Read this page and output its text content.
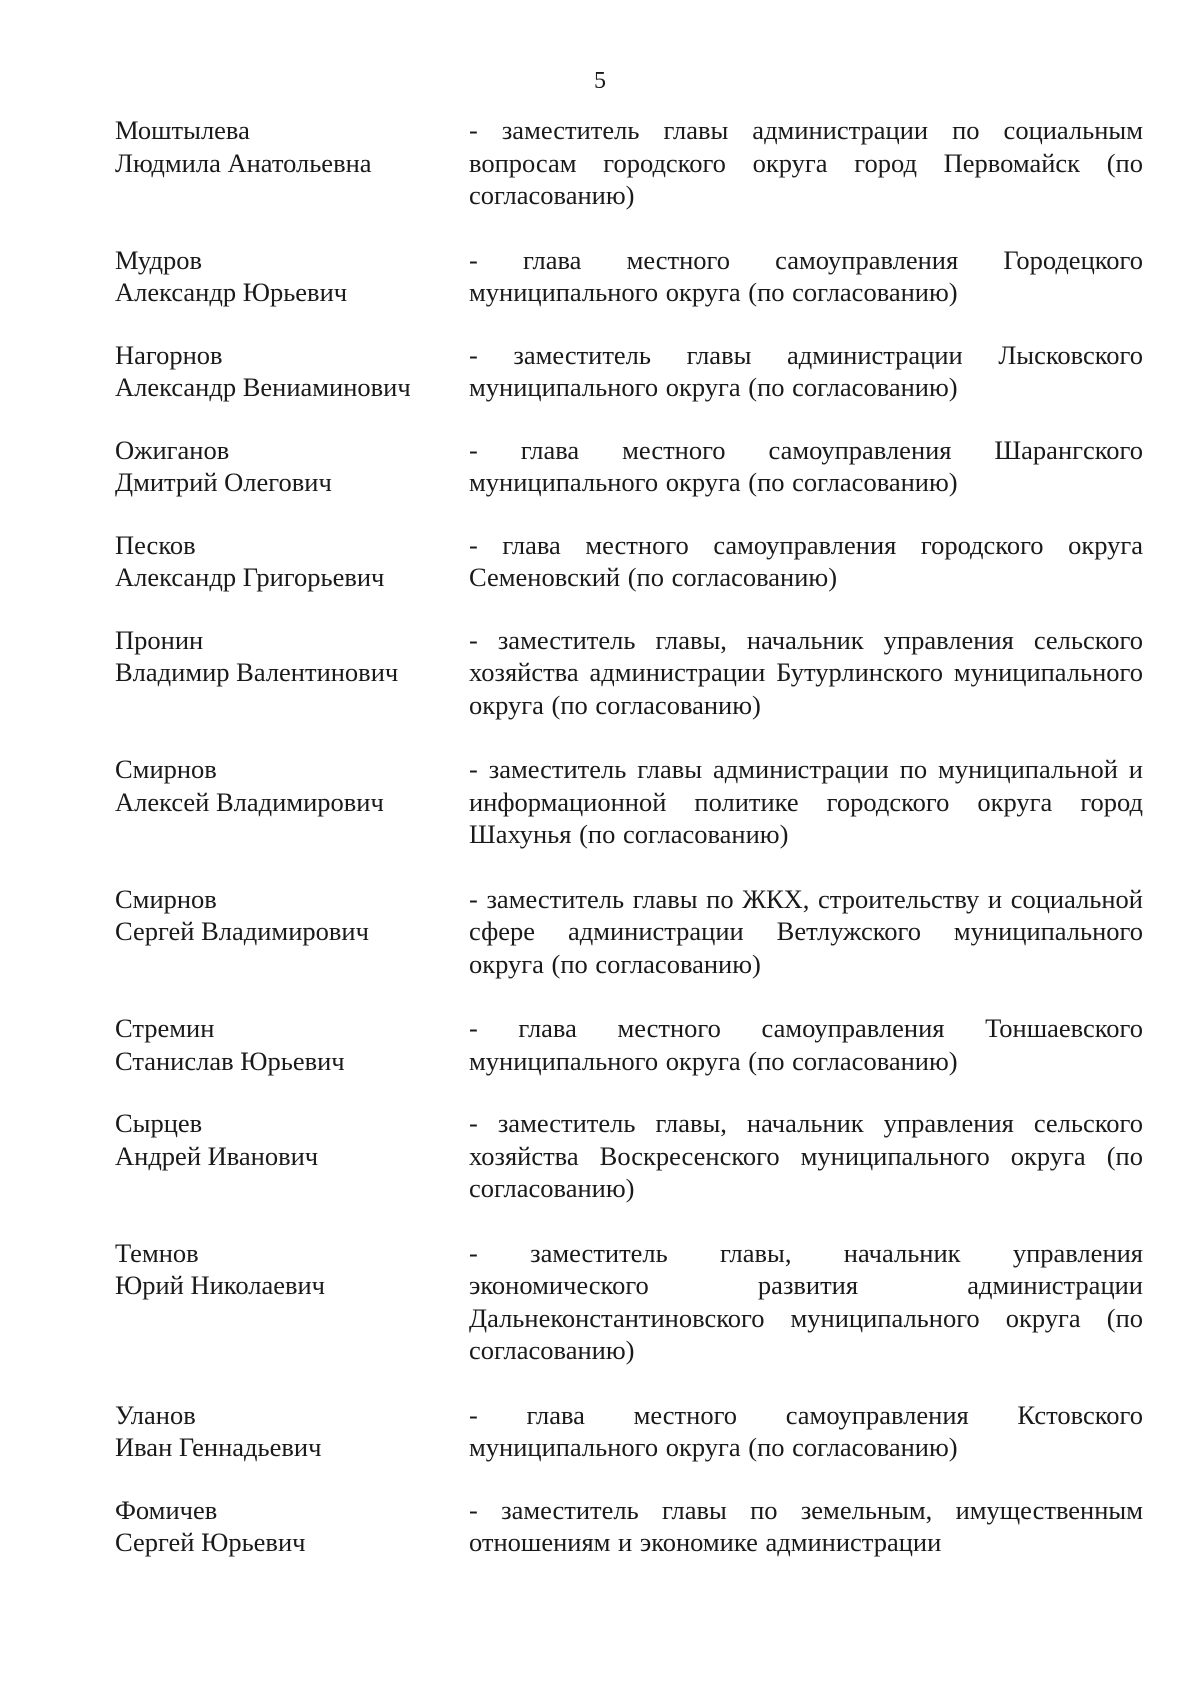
5
Моштылева
Людмила Анатольевна
- заместитель главы администрации по социальным вопросам городского округа город Первомайск (по согласованию)
Мудров
Александр Юрьевич
- глава местного самоуправления Городецкого муниципального округа (по согласованию)
Нагорнов
Александр Вениаминович
- заместитель главы администрации Лысковского муниципального округа (по согласованию)
Ожиганов
Дмитрий Олегович
- глава местного самоуправления Шарангского муниципального округа (по согласованию)
Песков
Александр Григорьевич
- глава местного самоуправления городского округа Семеновский (по согласованию)
Пронин
Владимир Валентинович
- заместитель главы, начальник управления сельского хозяйства администрации Бутурлинского муниципального округа (по согласованию)
Смирнов
Алексей Владимирович
- заместитель главы администрации по муниципальной и информационной политике городского округа город Шахунья (по согласованию)
Смирнов
Сергей Владимирович
- заместитель главы по ЖКХ, строительству и социальной сфере администрации Ветлужского муниципального округа (по согласованию)
Стремин
Станислав Юрьевич
- глава местного самоуправления Тоншаевского муниципального округа (по согласованию)
Сырцев
Андрей Иванович
- заместитель главы, начальник управления сельского хозяйства Воскресенского муниципального округа (по согласованию)
Темнов
Юрий Николаевич
- заместитель главы, начальник управления экономического развития администрации Дальнеконстантиновского муниципального округа (по согласованию)
Уланов
Иван Геннадьевич
- глава местного самоуправления Кстовского муниципального округа (по согласованию)
Фомичев
Сергей Юрьевич
- заместитель главы по земельным, имущественным отношениям и экономике администрации
